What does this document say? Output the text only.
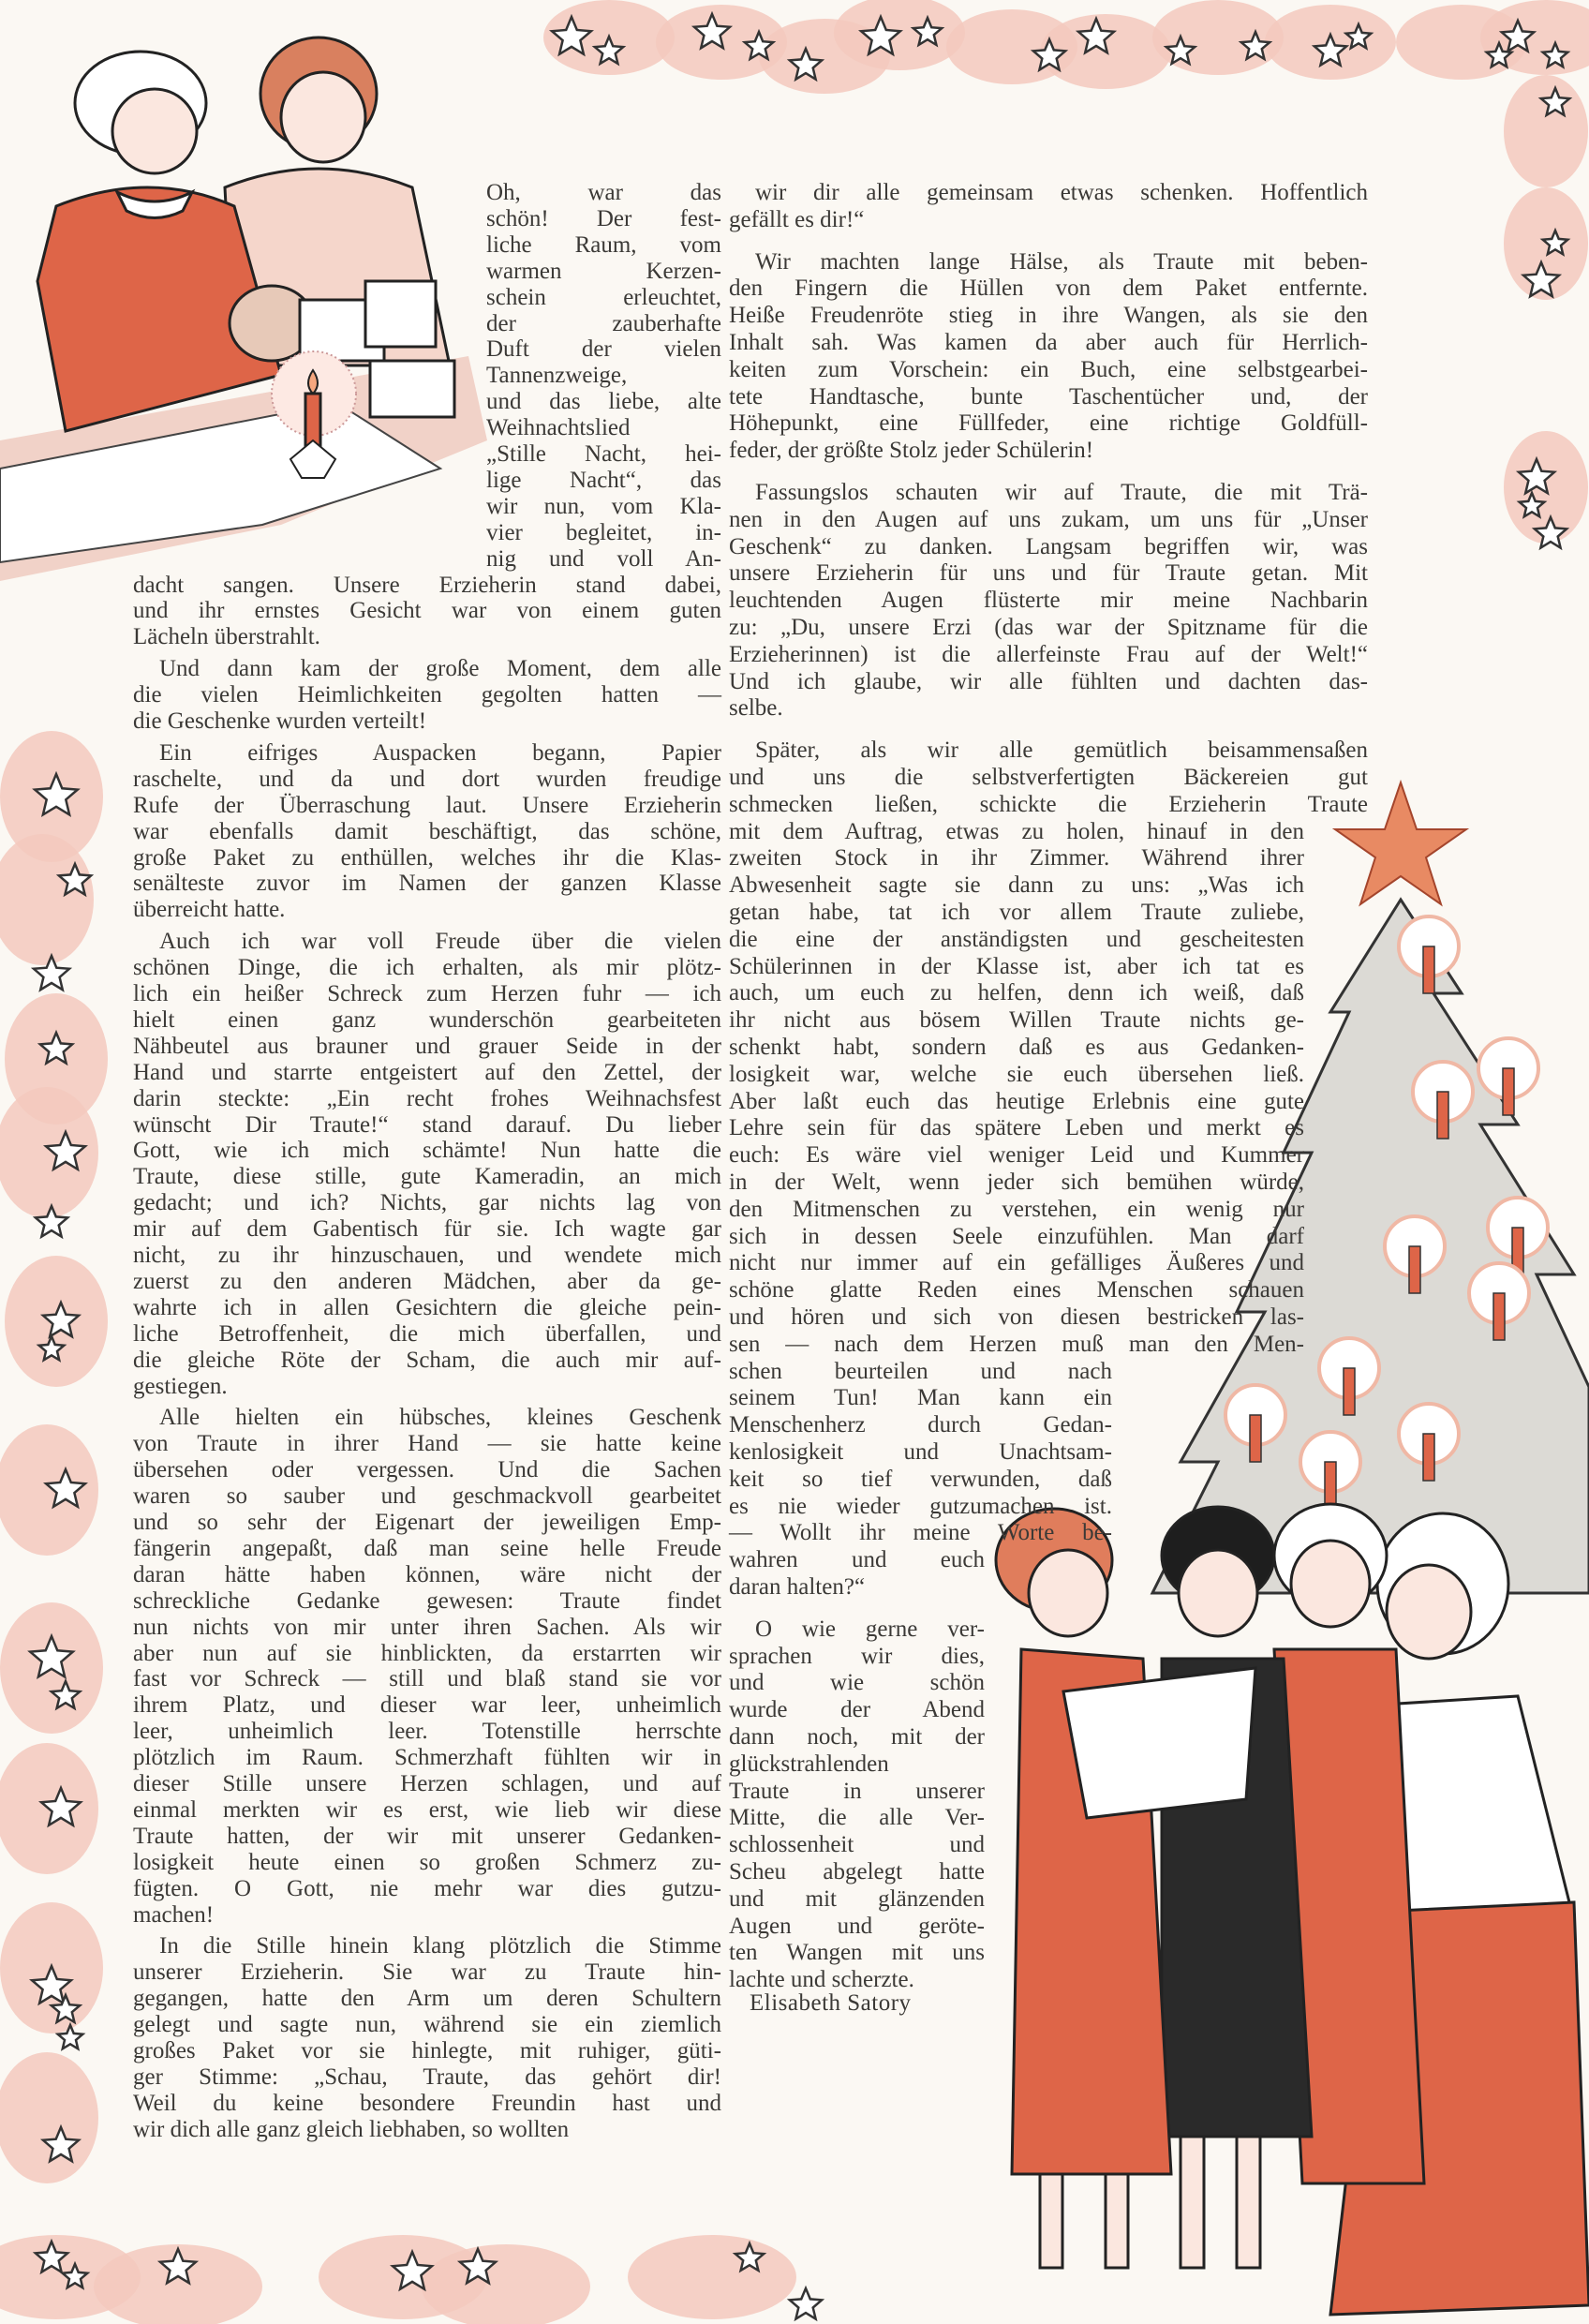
Oh, war das
schön! Der fest-
liche Raum, vom
warmen Kerzen-
schein erleuchtet,
der zauberhafte
Duft der vielen
Tannenzweige,
und das liebe, alte
Weihnachtslied
„Stille Nacht, hei-
lige Nacht“, das
wir nun, vom Kla-
vier begleitet, in-
nig und voll An-
dacht sangen. Unsere Erzieherin stand dabei,
und ihr ernstes Gesicht war von einem guten
Lächeln überstrahlt.
Und dann kam der große Moment, dem alle
die vielen Heimlichkeiten gegolten hatten —
die Geschenke wurden verteilt!
Ein eifriges Auspacken begann, Papier
raschelte, und da und dort wurden freudige
Rufe der Überraschung laut. Unsere Erzieherin
war ebenfalls damit beschäftigt, das schöne,
große Paket zu enthüllen, welches ihr die Klas-
senälteste zuvor im Namen der ganzen Klasse
überreicht hatte.
Auch ich war voll Freude über die vielen
schönen Dinge, die ich erhalten, als mir plötz-
lich ein heißer Schreck zum Herzen fuhr — ich
hielt einen ganz wunderschön gearbeiteten
Nähbeutel aus brauner und grauer Seide in der
Hand und starrte entgeistert auf den Zettel, der
darin steckte: „Ein recht frohes Weihnachsfest
wünscht Dir Traute!“ stand darauf. Du lieber
Gott, wie ich mich schämte! Nun hatte die
Traute, diese stille, gute Kameradin, an mich
gedacht; und ich? Nichts, gar nichts lag von
mir auf dem Gabentisch für sie. Ich wagte gar
nicht, zu ihr hinzuschauen, und wendete mich
zuerst zu den anderen Mädchen, aber da ge-
wahrte ich in allen Gesichtern die gleiche pein-
liche Betroffenheit, die mich überfallen, und
die gleiche Röte der Scham, die auch mir auf-
gestiegen.
Alle hielten ein hübsches, kleines Geschenk
von Traute in ihrer Hand — sie hatte keine
übersehen oder vergessen. Und die Sachen
waren so sauber und geschmackvoll gearbeitet
und so sehr der Eigenart der jeweiligen Emp-
fängerin angepaßt, daß man seine helle Freude
daran hätte haben können, wäre nicht der
schreckliche Gedanke gewesen: Traute findet
nun nichts von mir unter ihren Sachen. Als wir
aber nun auf sie hinblickten, da erstarrten wir
fast vor Schreck — still und blaß stand sie vor
ihrem Platz, und dieser war leer, unheimlich
leer, unheimlich leer. Totenstille herrschte
plötzlich im Raum. Schmerzhaft fühlten wir in
dieser Stille unsere Herzen schlagen, und auf
einmal merkten wir es erst, wie lieb wir diese
Traute hatten, der wir mit unserer Gedanken-
losigkeit heute einen so großen Schmerz zu-
fügten. O Gott, nie mehr war dies gutzu-
machen!
In die Stille hinein klang plötzlich die Stimme
unserer Erzieherin. Sie war zu Traute hin-
gegangen, hatte den Arm um deren Schultern
gelegt und sagte nun, während sie ein ziemlich
großes Paket vor sie hinlegte, mit ruhiger, güti-
ger Stimme: „Schau, Traute, das gehört dir!
Weil du keine besondere Freundin hast und
wir dich alle ganz gleich liebhaben, so wollten
wir dir alle gemeinsam etwas schenken. Hoffentlich
gefällt es dir!“
Wir machten lange Hälse, als Traute mit beben-
den Fingern die Hüllen von dem Paket entfernte.
Heiße Freudenröte stieg in ihre Wangen, als sie den
Inhalt sah. Was kamen da aber auch für Herrlich-
keiten zum Vorschein: ein Buch, eine selbstgearbei-
tete Handtasche, bunte Taschentücher und, der
Höhepunkt, eine Füllfeder, eine richtige Goldfüll-
feder, der größte Stolz jeder Schülerin!
Fassungslos schauten wir auf Traute, die mit Trä-
nen in den Augen auf uns zukam, um uns für „Unser
Geschenk“ zu danken. Langsam begriffen wir, was
unsere Erzieherin für uns und für Traute getan. Mit
leuchtenden Augen flüsterte mir meine Nachbarin
zu: „Du, unsere Erzi (das war der Spitzname für die
Erzieherinnen) ist die allerfeinste Frau auf der Welt!“
Und ich glaube, wir alle fühlten und dachten das-
selbe.
Später, als wir alle gemütlich beisammensaßen
und uns die selbstverfertigten Bäckereien gut
schmecken ließen, schickte die Erzieherin Traute
mit dem Auftrag, etwas zu holen, hinauf in den
zweiten Stock in ihr Zimmer. Während ihrer
Abwesenheit sagte sie dann zu uns: „Was ich
getan habe, tat ich vor allem Traute zuliebe,
die eine der anständigsten und gescheitesten
Schülerinnen in der Klasse ist, aber ich tat es
auch, um euch zu helfen, denn ich weiß, daß
ihr nicht aus bösem Willen Traute nichts ge-
schenkt habt, sondern daß es aus Gedanken-
losigkeit war, welche sie euch übersehen ließ.
Aber laßt euch das heutige Erlebnis eine gute
Lehre sein für das spätere Leben und merkt es
euch: Es wäre viel weniger Leid und Kummer
in der Welt, wenn jeder sich bemühen würde,
den Mitmenschen zu verstehen, ein wenig nur
sich in dessen Seele einzufühlen. Man darf
nicht nur immer auf ein gefälliges Äußeres und
schöne glatte Reden eines Menschen schauen
und hören und sich von diesen bestricken las-
sen — nach dem Herzen muß man den Men-
schen beurteilen und nach
seinem Tun! Man kann ein
Menschenherz durch Gedan-
kenlosigkeit und Unachtsam-
keit so tief verwunden, daß
es nie wieder gutzumachen ist.
— Wollt ihr meine Worte be-
wahren und euch
daran halten?“
O wie gerne ver-
sprachen wir dies,
und wie schön
wurde der Abend
dann noch, mit der
glückstrahlenden
Traute in unserer
Mitte, die alle Ver-
schlossenheit und
Scheu abgelegt hatte
und mit glänzenden
Augen und geröte-
ten Wangen mit uns
lachte und scherzte.
Elisabeth Satory
